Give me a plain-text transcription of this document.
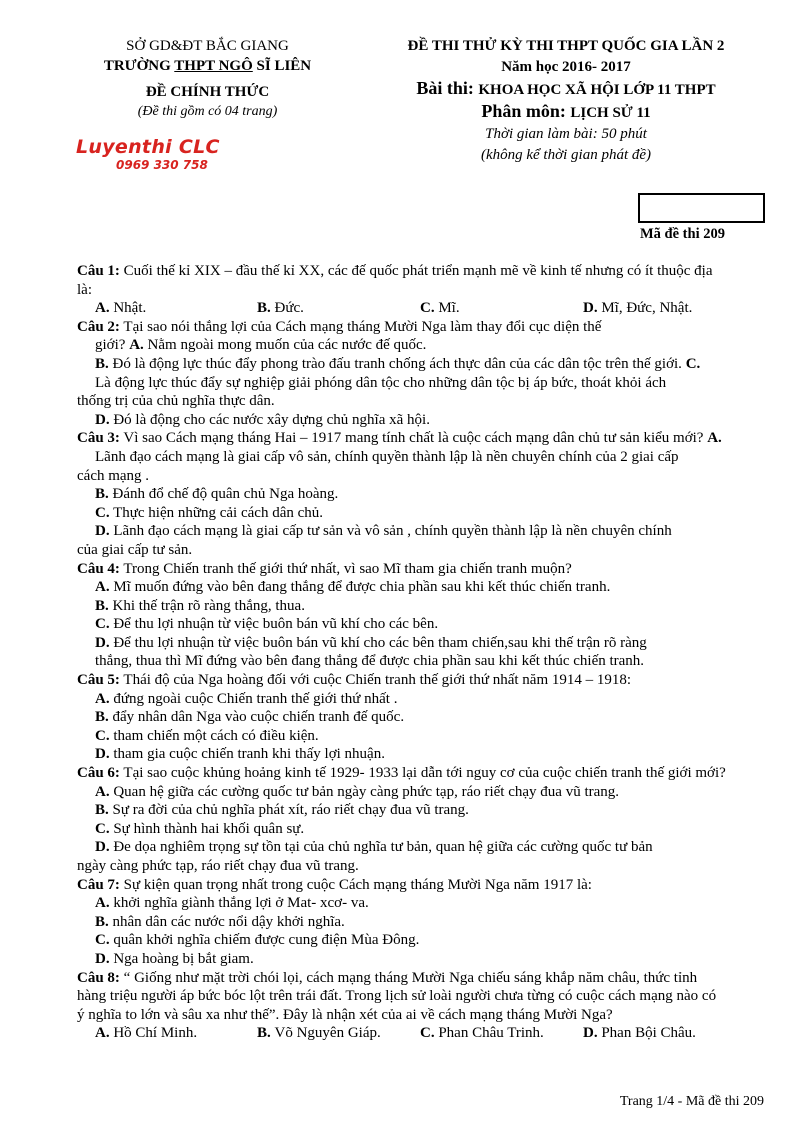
SỞ GD&ĐT BẮC GIANG
TRƯỜNG THPT NGÔ SĨ LIÊN
ĐỀ CHÍNH THỨC
(Đề thi gồm có 04 trang)
Luyenthi CLC
0969 330 758
ĐỀ THI THỬ KỲ THI THPT QUỐC GIA LẦN 2
Năm học 2016- 2017
Bài thi: KHOA HỌC XÃ HỘI LỚP 11 THPT
Phân môn: LỊCH SỬ 11
Thời gian làm bài: 50 phút
(không kể thời gian phát đề)
Mã đề thi 209

Câu 1: Cuối thế kỉ XIX – đầu thế kỉ XX, các đế quốc phát triển mạnh mẽ về kinh tế nhưng có ít thuộc địa

là:

A. Nhật.	B. Đức.	C. Mĩ.	D. Mĩ, Đức, Nhật.

Câu 2: Tại sao nói thắng lợi của Cách mạng tháng Mười Nga làm thay đổi cục diện thế

giới? A. Nằm ngoài mong muốn của các nước đế quốc.

B. Đó là động lực thúc đẩy phong trào đấu tranh chống ách thực dân của các dân tộc trên thế giới. C.

Là động lực thúc đẩy sự nghiệp giải phóng dân tộc cho những dân tộc bị áp bức, thoát khỏi ách

thống trị của chủ nghĩa thực dân.

D. Đó là động cho các nước xây dựng chủ nghĩa xã hội.

Câu 3: Vì sao Cách mạng tháng Hai – 1917 mang tính chất là cuộc cách mạng dân chủ tư sản kiểu mới? A.

Lãnh đạo cách mạng là giai cấp vô sản, chính quyền thành lập là nền chuyên chính của 2 giai cấp

cách mạng .

B. Đánh đổ chế độ quân chủ Nga hoàng.

C. Thực hiện những cải cách dân chủ.

D. Lãnh đạo cách mạng là giai cấp tư sản và vô sản , chính quyền thành lập là nền chuyên chính

của giai cấp tư sản.

Câu 4: Trong Chiến tranh thế giới thứ nhất, vì sao Mĩ tham gia chiến tranh muộn?

A. Mĩ muốn đứng vào bên đang thắng để được chia phần sau khi kết thúc chiến tranh.

B. Khi thế trận rõ ràng thắng, thua.

C. Để thu lợi nhuận từ việc buôn bán vũ khí cho các bên.

D. Để thu lợi nhuận từ việc buôn bán vũ khí cho các bên tham chiến,sau khi thế trận rõ ràng

thắng, thua thì Mĩ đứng vào bên đang thắng để được chia phần sau khi kết thúc chiến tranh.

Câu 5: Thái độ của Nga hoàng đối với cuộc Chiến tranh thế giới thứ nhất năm 1914 – 1918:

A. đứng ngoài cuộc Chiến tranh thế giới thứ nhất .

B. đẩy nhân dân Nga vào cuộc chiến tranh đế quốc.

C. tham chiến một cách có điều kiện.

D. tham gia cuộc chiến tranh khi thấy lợi nhuận.

Câu 6: Tại sao cuộc khủng hoảng kinh tế 1929- 1933 lại dẫn tới nguy cơ của cuộc chiến tranh thế giới mới?

A. Quan hệ giữa các cường quốc tư bản ngày càng phức tạp, ráo riết chạy đua vũ trang.

B. Sự ra đời của chủ nghĩa phát xít, ráo riết chạy đua vũ trang.

C. Sự hình thành hai khối quân sự.

D. Đe dọa nghiêm trọng sự tồn tại của chủ nghĩa tư bản, quan hệ giữa các cường quốc tư bản

ngày càng phức tạp, ráo riết chạy đua vũ trang.

Câu 7: Sự kiện quan trọng nhất trong cuộc Cách mạng tháng Mười Nga năm 1917 là:

A. khởi nghĩa giành thắng lợi ở Mat- xcơ- va.

B. nhân dân các nước nổi dậy khởi nghĩa.

C. quân khởi nghĩa chiếm được cung điện Mùa Đông.

D. Nga hoàng bị bắt giam.

Câu 8: “ Giống như mặt trời chói lọi, cách mạng tháng Mười Nga chiếu sáng khắp năm châu, thức tỉnh

hàng triệu người áp bức bóc lột trên trái đất. Trong lịch sử loài người chưa từng có cuộc cách mạng nào có

ý nghĩa to lớn và sâu xa như thế”. Đây là nhận xét của ai về cách mạng tháng Mười Nga?

A. Hồ Chí Minh.	B. Võ Nguyên Giáp.	C. Phan Châu Trinh.	D. Phan Bội Châu.
Trang 1/4 - Mã đề thi 209
